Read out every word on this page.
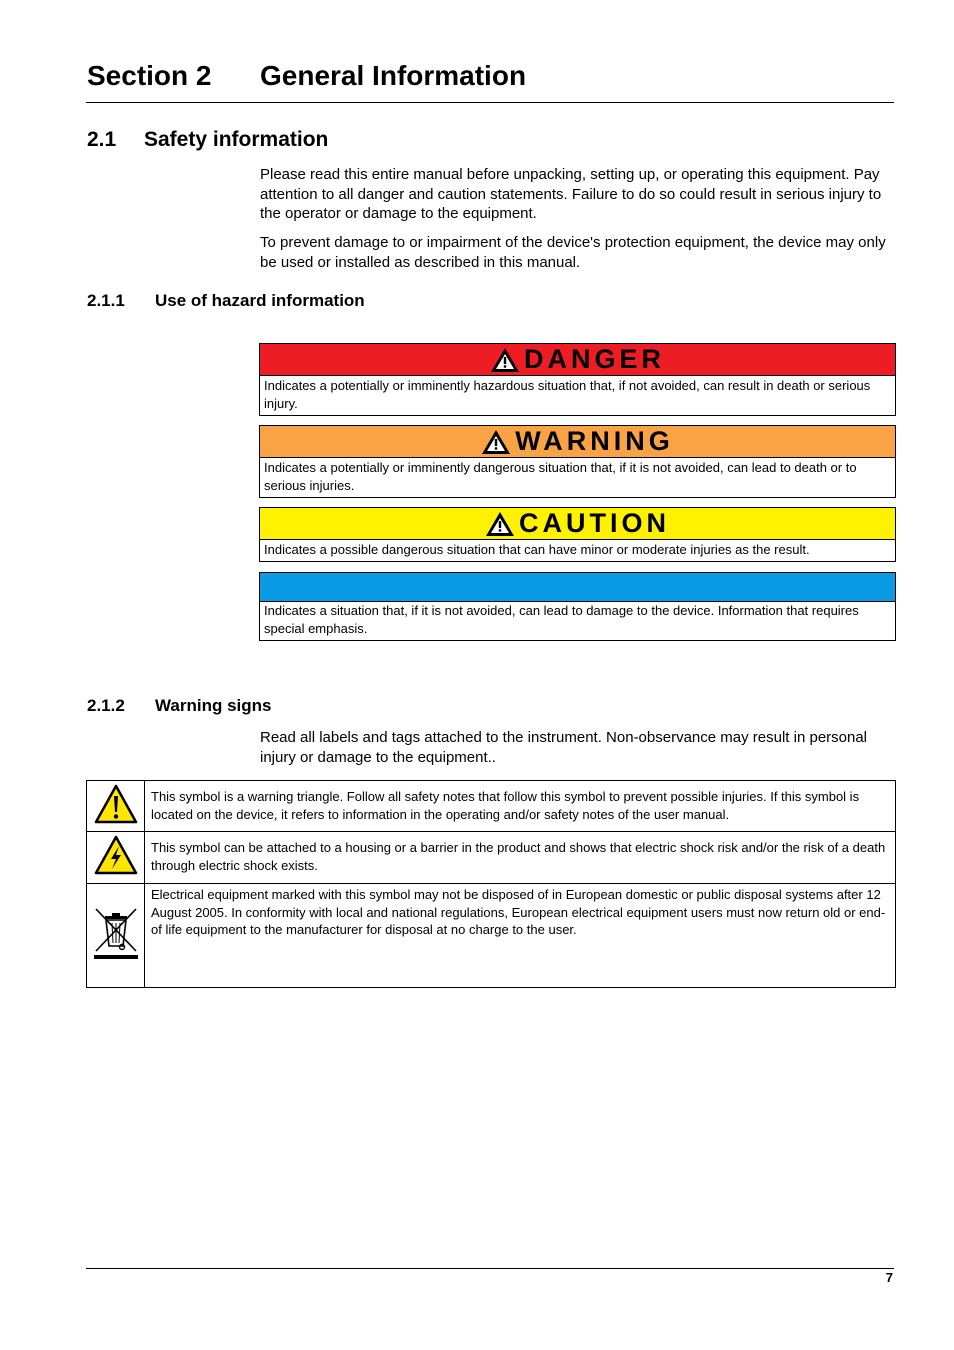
Section 2 General Information
2.1 Safety information

Please read this entire manual before unpacking, setting up, or operating this equipment. Pay attention to all danger and caution statements. Failure to do so could result in serious injury to the operator or damage to the equipment.

To prevent damage to or impairment of the device's protection equipment, the device may only be used or installed as described in this manual.

2.1.1 Use of hazard information
DANGER
Indicates a potentially or imminently hazardous situation that, if not avoided, can result in death or serious injury.
WARNING
Indicates a potentially or imminently dangerous situation that, if it is not avoided, can lead to death or to serious injuries.
CAUTION
Indicates a possible dangerous situation that can have minor or moderate injuries as the result.
Indicates a situation that, if it is not avoided, can lead to damage to the device. Information that requires special emphasis.
2.1.2 Warning signs

Read all labels and tags attached to the instrument. Non-observance may result in personal injury or damage to the equipment..

	This symbol is a warning triangle. Follow all safety notes that follow this symbol to prevent possible injuries. If this symbol is located on the device, it refers to information in the operating and/or safety notes of the user manual.
	This symbol can be attached to a housing or a barrier in the product and shows that electric shock risk and/or the risk of a death through electric shock exists.
	Electrical equipment marked with this symbol may not be disposed of in European domestic or public disposal systems after 12 August 2005. In conformity with local and national regulations, European electrical equipment users must now return old or end-of life equipment to the manufacturer for disposal at no charge to the user.
7
